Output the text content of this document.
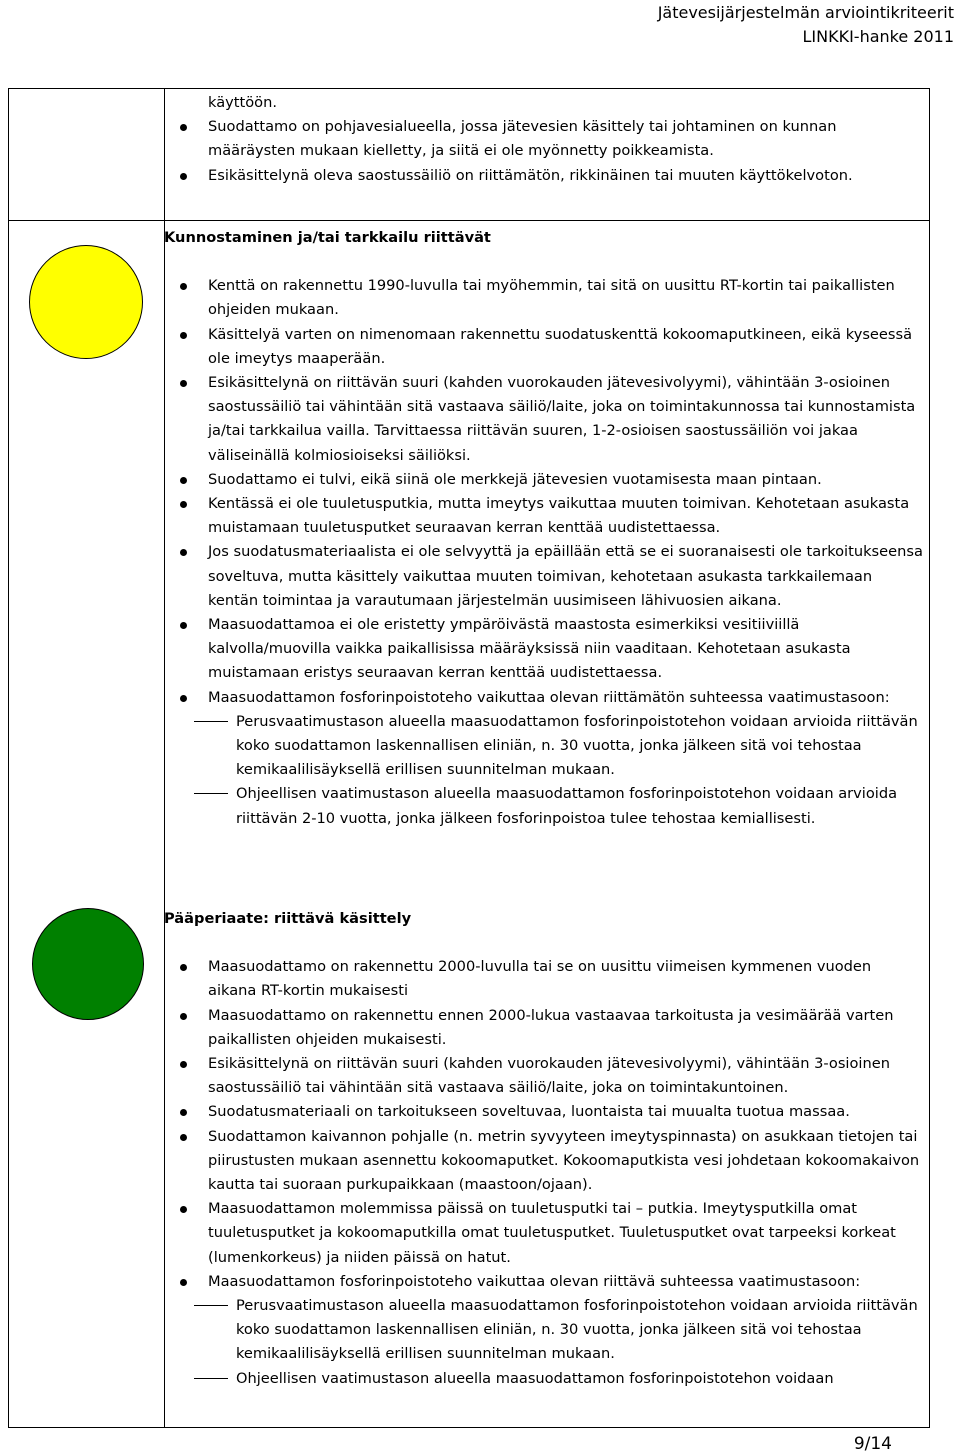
Jätevesijärjestelmän arviointikriteerit
LINKKI-hanke 2011
käyttöön.
Suodattamo on pohjavesialueella, jossa jätevesien käsittely tai johtaminen on kunnan määräysten mukaan kielletty, ja siitä ei ole myönnetty poikkeamista.
Esikäsittelynä oleva saostussäiliö on riittämätön, rikkinäinen tai muuten käyttökelvoton.

Kunnostaminen ja/tai tarkkailu riittävät

Kenttä on rakennettu 1990-luvulla tai myöhemmin, tai sitä on uusittu RT-kortin tai paikallisten ohjeiden mukaan.
Käsittelyä varten on nimenomaan rakennettu suodatuskenttä kokoomaputkineen, eikä kyseessä ole imeytys maaperään.
Esikäsittelynä on riittävän suuri (kahden vuorokauden jätevesivolyymi), vähintään 3-osioinen saostussäiliö tai vähintään sitä vastaava säiliö/laite, joka on toimintakunnossa tai kunnostamista ja/tai tarkkailua vailla. Tarvittaessa riittävän suuren, 1-2-osioisen saostussäiliön voi jakaa väliseinällä kolmiosioiseksi säiliöksi.
Suodattamo ei tulvi, eikä siinä ole merkkejä jätevesien vuotamisesta maan pintaan.
Kentässä ei ole tuuletusputkia, mutta imeytys vaikuttaa muuten toimivan. Kehotetaan asukasta muistamaan tuuletusputket seuraavan kerran kenttää uudistettaessa.
Jos suodatusmateriaalista ei ole selvyyttä ja epäillään että se ei suoranaisesti ole tarkoitukseensa soveltuva, mutta käsittely vaikuttaa muuten toimivan, kehotetaan asukasta tarkkailemaan kentän toimintaa ja varautumaan järjestelmän uusimiseen lähivuosien aikana.
Maasuodattamoa ei ole eristetty ympäröivästä maastosta esimerkiksi vesitiiviillä kalvolla/muovilla vaikka paikallisissa määräyksissä niin vaaditaan. Kehotetaan asukasta muistamaan eristys seuraavan kerran kenttää uudistettaessa.
Maasuodattamon fosforinpoistoteho vaikuttaa olevan riittämätön suhteessa vaatimustasoon:
Perusvaatimustason alueella maasuodattamon fosforinpoistotehon voidaan arvioida riittävän koko suodattamon laskennallisen eliniän, n. 30 vuotta, jonka jälkeen sitä voi tehostaa kemikaalilisäyksellä erillisen suunnitelman mukaan.
Ohjeellisen vaatimustason alueella maasuodattamon fosforinpoistotehon voidaan arvioida riittävän 2-10 vuotta, jonka jälkeen fosforinpoistoa tulee tehostaa kemiallisesti.

Pääperiaate: riittävä käsittely

Maasuodattamo on rakennettu 2000-luvulla tai se on uusittu viimeisen kymmenen vuoden aikana RT-kortin mukaisesti
Maasuodattamo on rakennettu ennen 2000-lukua vastaavaa tarkoitusta ja vesimäärää varten paikallisten ohjeiden mukaisesti.
Esikäsittelynä on riittävän suuri (kahden vuorokauden jätevesivolyymi), vähintään 3-osioinen saostussäiliö tai vähintään sitä vastaava säiliö/laite, joka on toimintakuntoinen.
Suodatusmateriaali on tarkoitukseen soveltuvaa, luontaista tai muualta tuotua massaa.
Suodattamon kaivannon pohjalle (n. metrin syvyyteen imeytyspinnasta) on asukkaan tietojen tai piirustusten mukaan asennettu kokoomaputket. Kokoomaputkista vesi johdetaan kokoomakaivon kautta tai suoraan purkupaikkaan (maastoon/ojaan).
Maasuodattamon molemmissa päissä on tuuletusputki tai – putkia. Imeytysputkilla omat tuuletusputket ja kokoomaputkilla omat tuuletusputket. Tuuletusputket ovat tarpeeksi korkeat (lumenkorkeus) ja niiden päissä on hatut.
Maasuodattamon fosforinpoistoteho vaikuttaa olevan riittävä suhteessa vaatimustasoon:
Perusvaatimustason alueella maasuodattamon fosforinpoistotehon voidaan arvioida riittävän koko suodattamon laskennallisen eliniän, n. 30 vuotta, jonka jälkeen sitä voi tehostaa kemikaalilisäyksellä erillisen suunnitelman mukaan.
Ohjeellisen vaatimustason alueella maasuodattamon fosforinpoistotehon voidaan
9/14
